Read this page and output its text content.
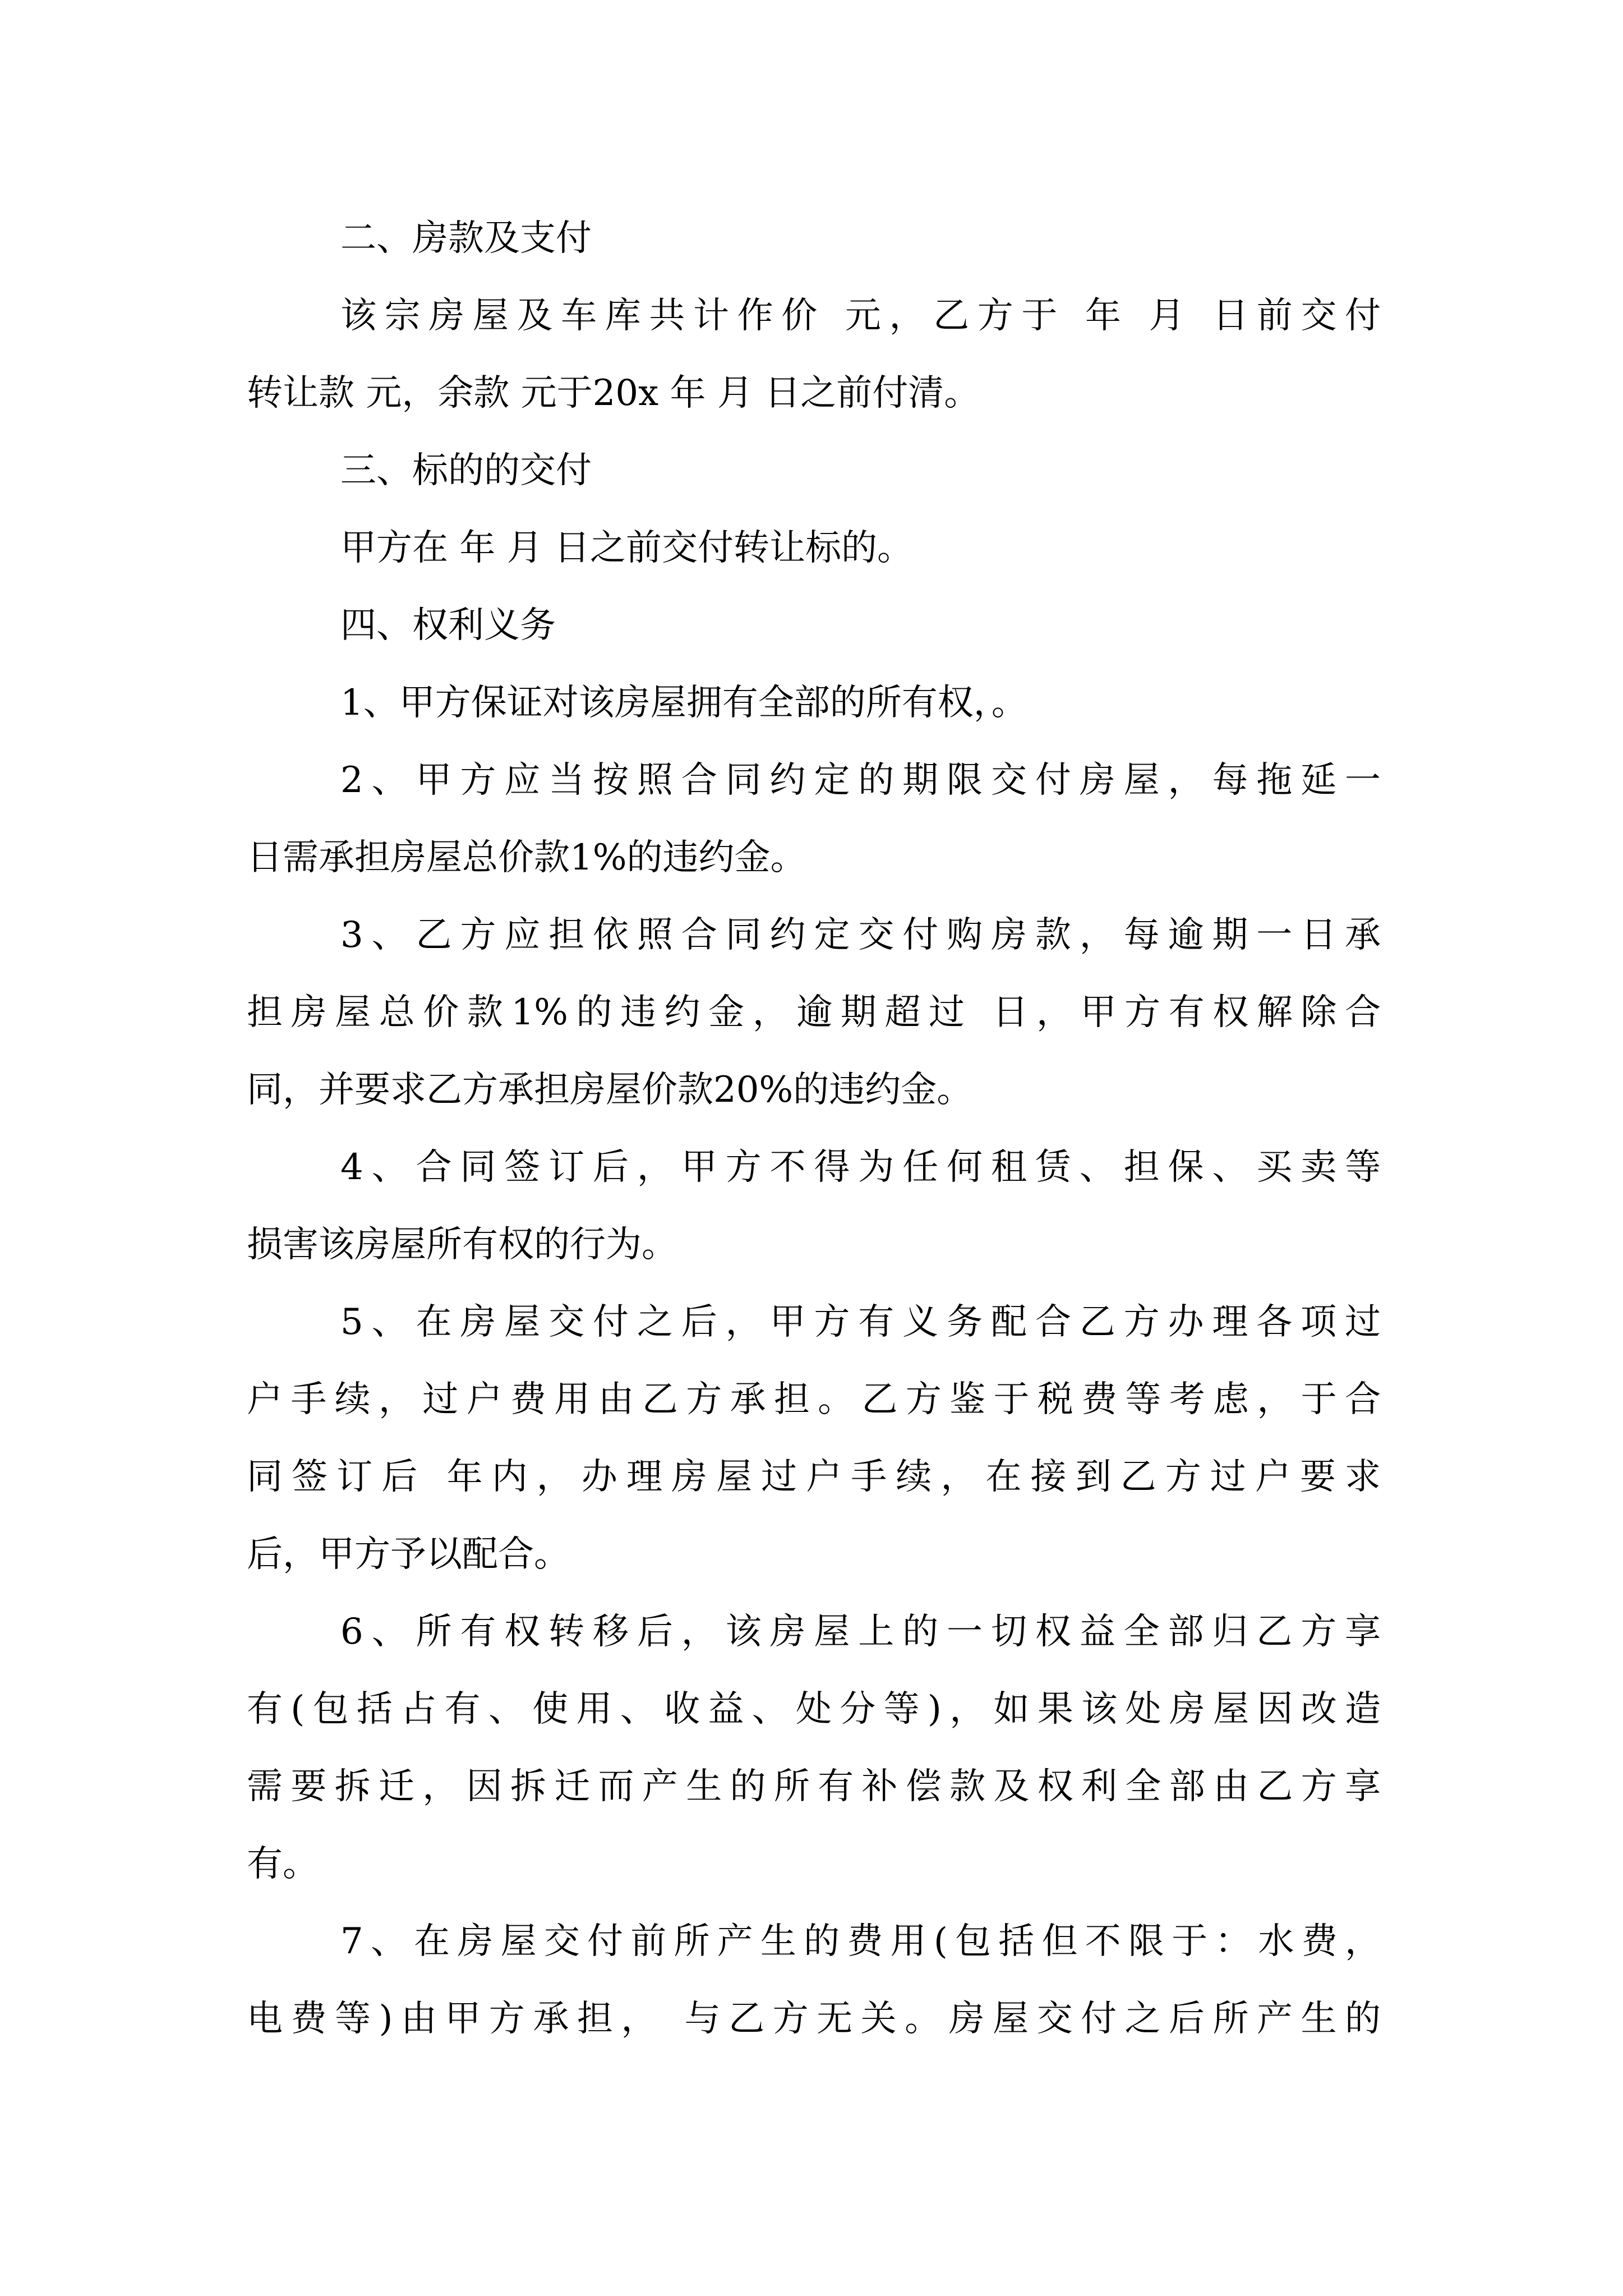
二、房款及支付
该宗房屋及车库共计作价 元，乙方于 年 月 日前交付
转让款 元，余款 元于20x 年 月 日之前付清。
三、标的的交付
甲方在 年 月 日之前交付转让标的。
四、权利义务
1、甲方保证对该房屋拥有全部的所有权，。
2、甲方应当按照合同约定的期限交付房屋，每拖延一
日需承担房屋总价款1%的违约金。
3、乙方应担依照合同约定交付购房款，每逾期一日承
担房屋总价款1%的违约金，逾期超过 日，甲方有权解除合
同，并要求乙方承担房屋价款20%的违约金。
4、合同签订后，甲方不得为任何租赁、担保、买卖等
损害该房屋所有权的行为。
5、在房屋交付之后，甲方有义务配合乙方办理各项过
户手续，过户费用由乙方承担。乙方鉴于税费等考虑，于合
同签订后 年内，办理房屋过户手续，在接到乙方过户要求
后，甲方予以配合。
6、所有权转移后，该房屋上的一切权益全部归乙方享
有(包括占有、使用、收益、处分等)，如果该处房屋因改造
需要拆迁，因拆迁而产生的所有补偿款及权利全部由乙方享
有。
7、在房屋交付前所产生的费用(包括但不限于：水费，
电费等)由甲方承担， 与乙方无关。房屋交付之后所产生的
